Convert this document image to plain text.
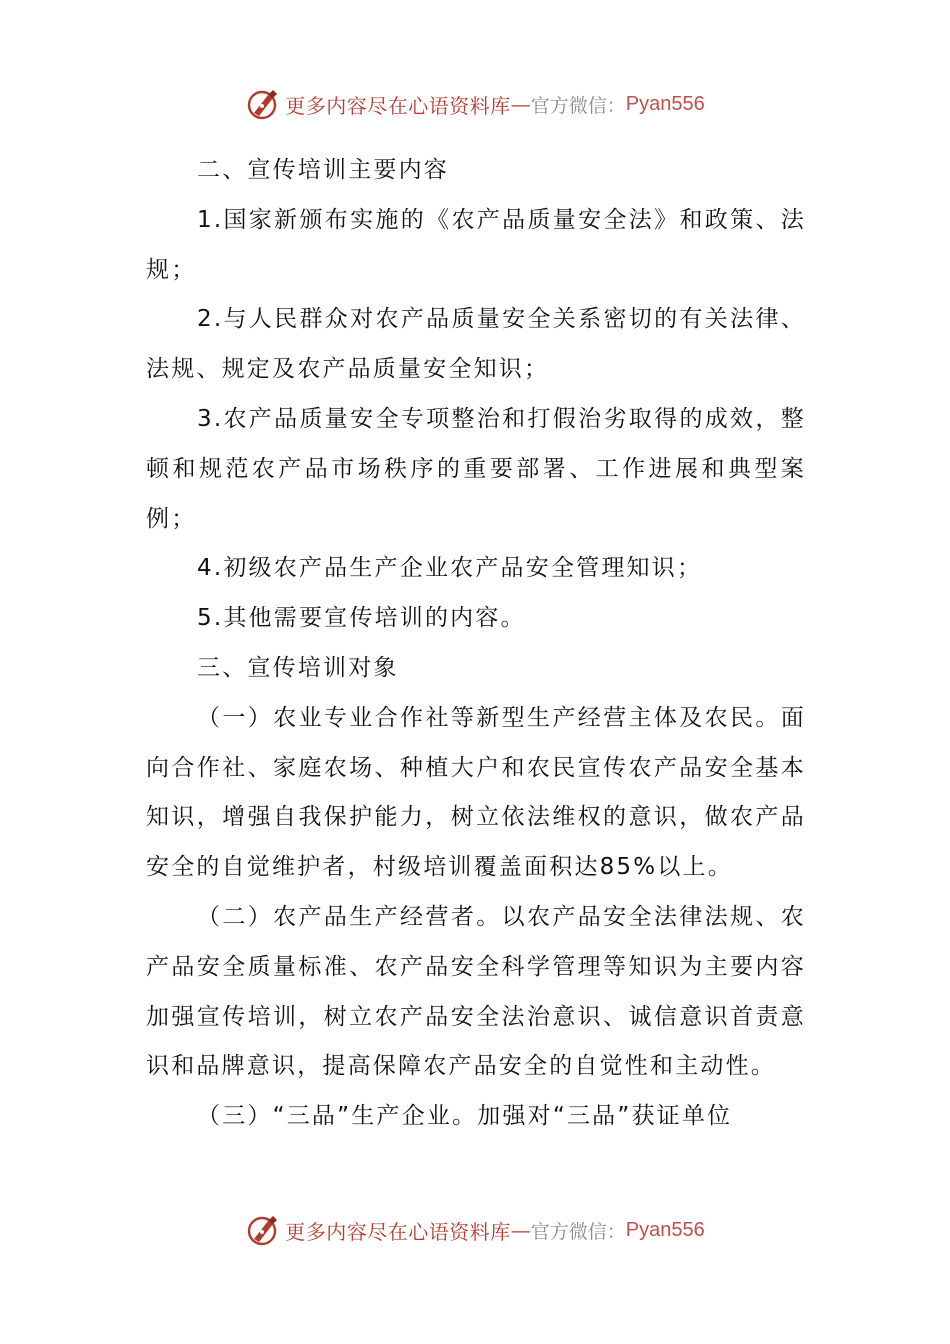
更多内容尽在心语资料库 — 官方微信： Pyan556

二、宣传培训主要内容

1.国家新颁布实施的《农产品质量安全法》和政策、法规；

2.与人民群众对农产品质量安全关系密切的有关法律、法规、规定及农产品质量安全知识；

3.农产品质量安全专项整治和打假治劣取得的成效，整顿和规范农产品市场秩序的重要部署、工作进展和典型案例；

4.初级农产品生产企业农产品安全管理知识；

5.其他需要宣传培训的内容。

三、宣传培训对象

（一）农业专业合作社等新型生产经营主体及农民。面向合作社、家庭农场、种植大户和农民宣传农产品安全基本知识，增强自我保护能力，树立依法维权的意识，做农产品安全的自觉维护者，村级培训覆盖面积达85%以上。

（二）农产品生产经营者。以农产品安全法律法规、农产品安全质量标准、农产品安全科学管理等知识为主要内容加强宣传培训，树立农产品安全法治意识、诚信意识首责意识和品牌意识，提高保障农产品安全的自觉性和主动性。

（三）“三品”生产企业。加强对“三品”获证单位

更多内容尽在心语资料库 — 官方微信： Pyan556
